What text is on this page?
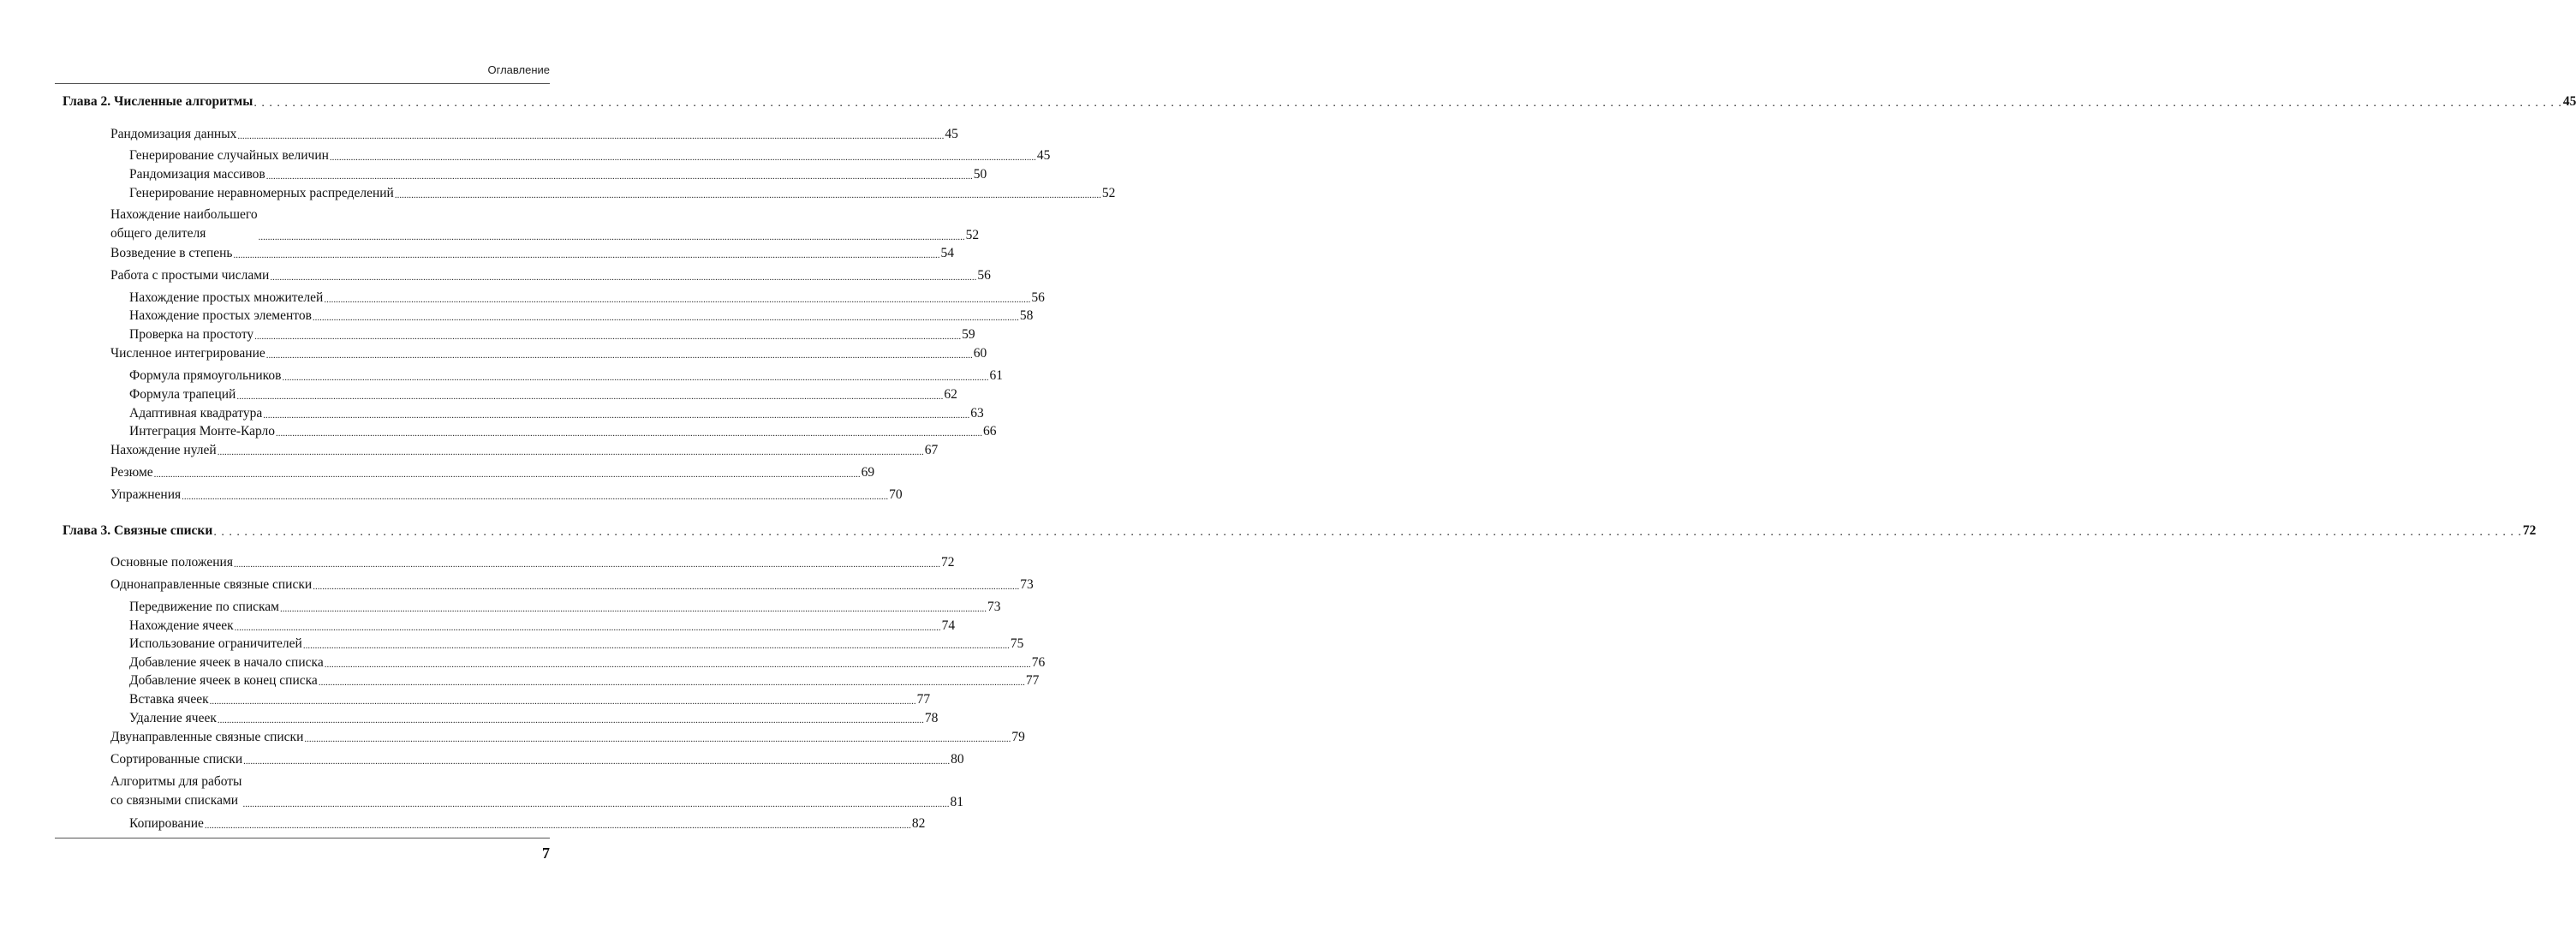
Оглавление
Глава 2. Численные алгоритмы . . . . . . . . . . . . . . . . . . . . . . . . . . . . . . . . . . . . . . . . . . . . . . . . . . . . . . . . . . . . . . . . . . . . . . . . . . . . . . . . . . . . . . . . . . . . . . . . . . . . . . . . . . . . . . . . . . . . . . . . . . . . . . . . . . . . . . . . . . . . . . . . . . . . . . . . . . . . . . . . . . . . . . . . . . . . . . . . . . . . . . . . . . . . . . . . . . . . . . . . . . . . . . . . . . . . . . . . . . . . . . . . . . . . . . . . . . . . . . . . . . . . . . . . . . . . . . . . . . . . . . . . . . . . . . . . . . . . . . . . . . . . . . . . . . . . . . . . . . . . 45
Рандомизация данных ............................................................................................................................................................................................................................................................................................................ 45
Генерирование случайных величин ............................................................................................................................................................................................................................................................................................................ 45
Рандомизация массивов ............................................................................................................................................................................................................................................................................................................ 50
Генерирование неравномерных распределений ............................................................................................................................................................................................................................................................................................................ 52
Нахождение наибольшего
общего делителя	............................................................................................................................................................................................................................................................................................................ 52
Возведение в степень ............................................................................................................................................................................................................................................................................................................ 54
Работа с простыми числами ............................................................................................................................................................................................................................................................................................................ 56
Нахождение простых множителей ............................................................................................................................................................................................................................................................................................................ 56
Нахождение простых элементов ............................................................................................................................................................................................................................................................................................................ 58
Проверка на простоту ............................................................................................................................................................................................................................................................................................................ 59
Численное интегрирование ............................................................................................................................................................................................................................................................................................................ 60
Формула прямоугольников ............................................................................................................................................................................................................................................................................................................ 61
Формула трапеций ............................................................................................................................................................................................................................................................................................................ 62
Адаптивная квадратура ............................................................................................................................................................................................................................................................................................................ 63
Интеграция Монте-Карло ............................................................................................................................................................................................................................................................................................................ 66
Нахождение нулей ............................................................................................................................................................................................................................................................................................................ 67
Резюме ............................................................................................................................................................................................................................................................................................................ 69
Упражнения ............................................................................................................................................................................................................................................................................................................ 70
Глава 3. Связные списки . . . . . . . . . . . . . . . . . . . . . . . . . . . . . . . . . . . . . . . . . . . . . . . . . . . . . . . . . . . . . . . . . . . . . . . . . . . . . . . . . . . . . . . . . . . . . . . . . . . . . . . . . . . . . . . . . . . . . . . . . . . . . . . . . . . . . . . . . . . . . . . . . . . . . . . . . . . . . . . . . . . . . . . . . . . . . . . . . . . . . . . . . . . . . . . . . . . . . . . . . . . . . . . . . . . . . . . . . . . . . . . . . . . . . . . . . . . . . . . . . . . . . . . . . . . . . . . . . . . . . . . . . . . . . . . . . . . . . . . . . . . . . . . . . . . . . . . . . . . . 72
Основные положения ............................................................................................................................................................................................................................................................................................................ 72
Однонаправленные связные списки ............................................................................................................................................................................................................................................................................................................ 73
Передвижение по спискам ............................................................................................................................................................................................................................................................................................................ 73
Нахождение ячеек ............................................................................................................................................................................................................................................................................................................ 74
Использование ограничителей ............................................................................................................................................................................................................................................................................................................ 75
Добавление ячеек в начало списка ............................................................................................................................................................................................................................................................................................................ 76
Добавление ячеек в конец списка ............................................................................................................................................................................................................................................................................................................ 77
Вставка ячеек ............................................................................................................................................................................................................................................................................................................ 77
Удаление ячеек ............................................................................................................................................................................................................................................................................................................ 78
Двунаправленные связные списки ............................................................................................................................................................................................................................................................................................................ 79
Сортированные списки ............................................................................................................................................................................................................................................................................................................ 80
Алгоритмы для работы
со связными списками ............................................................................................................................................................................................................................................................................................................ 81
Копирование ............................................................................................................................................................................................................................................................................................................ 82
7
